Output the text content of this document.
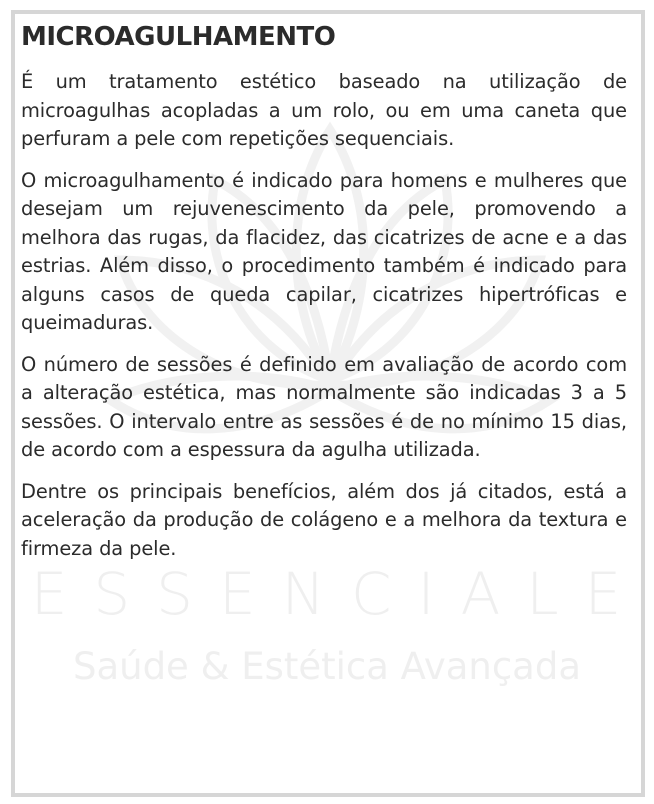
ESSENCIALE
Saúde & Estética Avançada
MICROAGULHAMENTO

É um tratamento estético baseado na utilização de microagulhas acopladas a um rolo, ou em uma caneta que perfuram a pele com repetições sequenciais.

O microagulhamento é indicado para homens e mulheres que desejam um rejuvenescimento da pele, promovendo a melhora das rugas, da flacidez, das cicatrizes de acne e a das estrias. Além disso, o procedimento também é indicado para alguns casos de queda capilar, cicatrizes hipertróficas e queimaduras.

O número de sessões é definido em avaliação de acordo com a alteração estética, mas normalmente são indicadas 3 a 5 sessões. O intervalo entre as sessões é de no mínimo 15 dias, de acordo com a espessura da agulha utilizada.

Dentre os principais benefícios, além dos já citados, está a aceleração da produção de colágeno e a melhora da textura e firmeza da pele.
